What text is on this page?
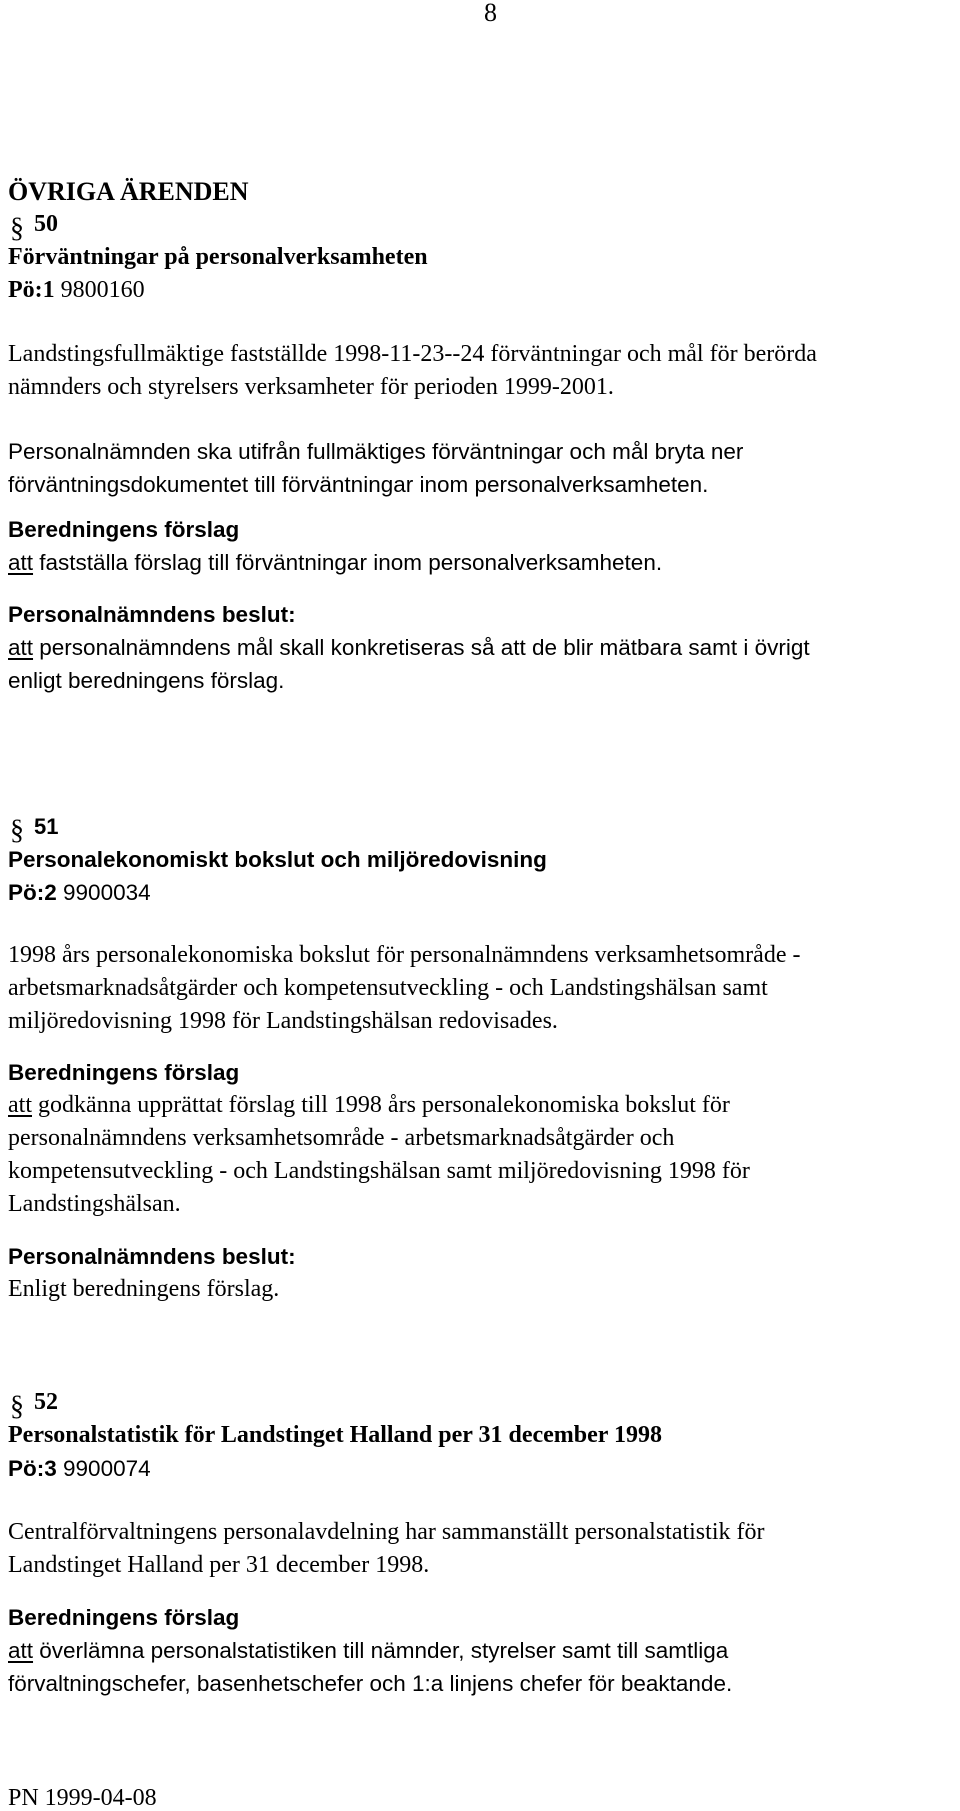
8
ÖVRIGA ÄRENDEN
§ 50

Förväntningar på personalverksamheten

Pö:1 9800160

Landstingsfullmäktige fastställde 1998-11-23--24 förväntningar och mål för berörda

nämnders och styrelsers verksamheter för perioden 1999-2001.

Personalnämnden ska utifrån fullmäktiges förväntningar och mål bryta ner

förväntningsdokumentet till förväntningar inom personalverksamheten.

Beredningens förslag

att fastställa förslag till förväntningar inom personalverksamheten.

Personalnämndens beslut:

att personalnämndens mål skall konkretiseras så att de blir mätbara samt i övrigt

enligt beredningens förslag.

§ 51

Personalekonomiskt bokslut och miljöredovisning

Pö:2 9900034

1998 års personalekonomiska bokslut för personalnämndens verksamhetsområde -

arbetsmarknadsåtgärder och kompetensutveckling - och Landstingshälsan samt

miljöredovisning 1998 för Landstingshälsan redovisades.

Beredningens förslag

att godkänna upprättat förslag till 1998 års personalekonomiska bokslut för

personalnämndens verksamhetsområde - arbetsmarknadsåtgärder och

kompetensutveckling - och Landstingshälsan samt miljöredovisning 1998 för

Landstingshälsan.

Personalnämndens beslut:

Enligt beredningens förslag.

§ 52

Personalstatistik för Landstinget Halland per 31 december 1998

Pö:3 9900074

Centralförvaltningens personalavdelning har sammanställt personalstatistik för

Landstinget Halland per 31 december 1998.

Beredningens förslag

att överlämna personalstatistiken till nämnder, styrelser samt till samtliga

förvaltningschefer, basenhetschefer och 1:a linjens chefer för beaktande.

PN 1999-04-08
